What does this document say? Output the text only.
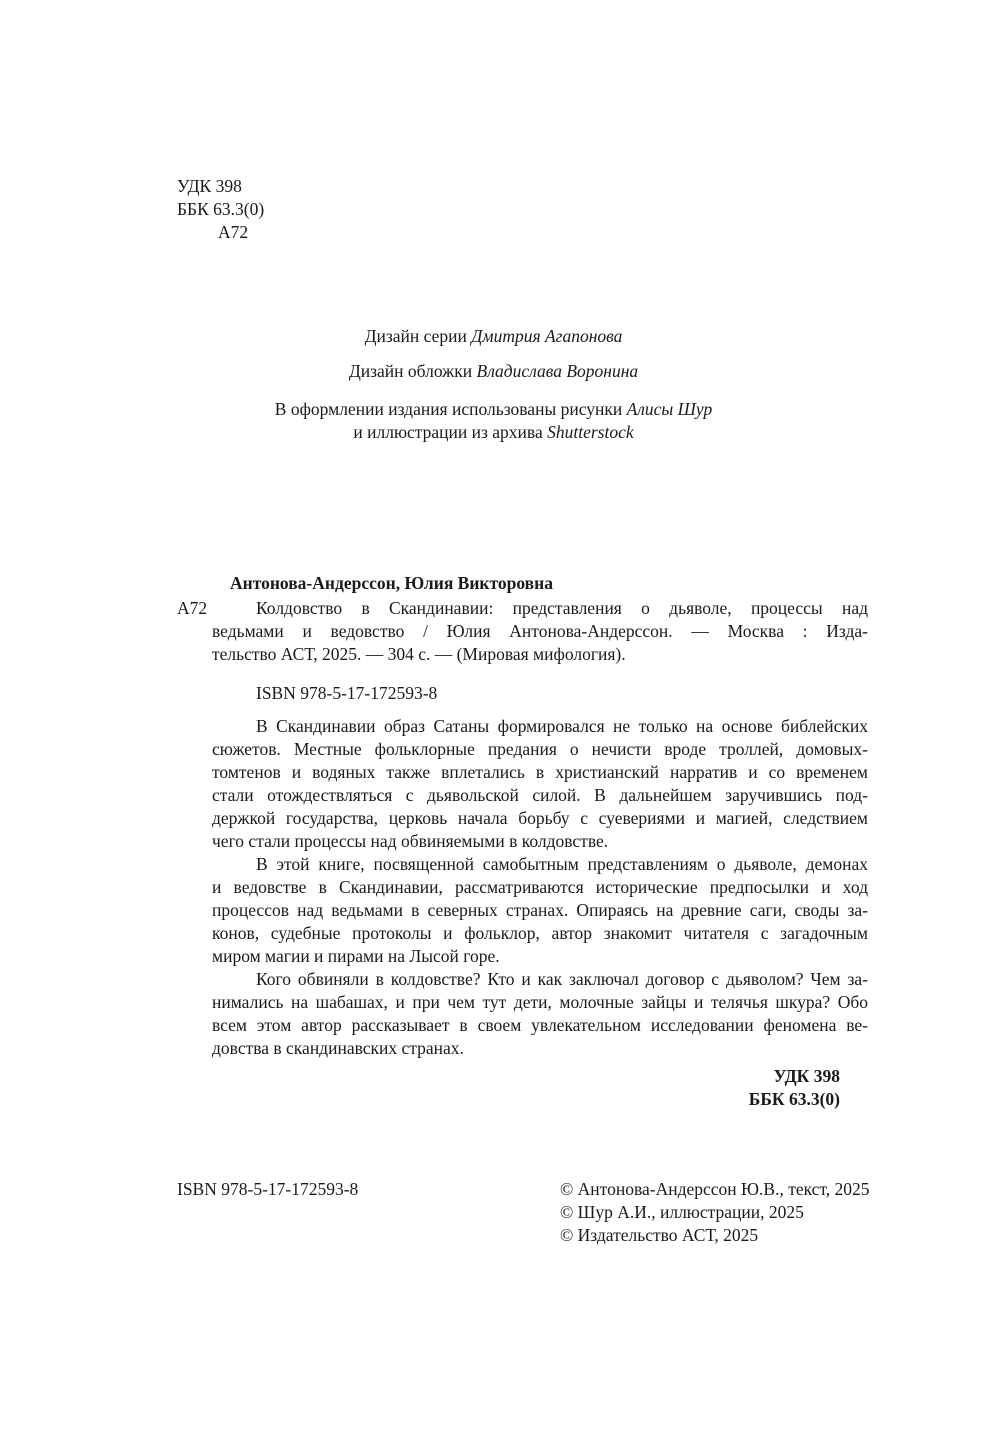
УДК 398
ББК 63.3(0)
А72
Дизайн серии Дмитрия Агапонова
Дизайн обложки Владислава Воронина
В оформлении издания использованы рисунки Алисы Шур
и иллюстрации из архива Shutterstock
Антонова-Андерссон, Юлия Викторовна
А72	Колдовство в Скандинавии: представления о дьяволе, процессы над
ведьмами и ведовство / Юлия Антонова-Андерссон. — Москва : Изда-
тельство АСТ, 2025. — 304 с. — (Мировая мифология).
ISBN 978-5-17-172593-8
В Скандинавии образ Сатаны формировался не только на основе библейских
сюжетов. Местные фольклорные предания о нечисти вроде троллей, домовых-
томтенов и водяных также вплетались в христианский нарратив и со временем
стали отождествляться с дьявольской силой. В дальнейшем заручившись под-
держкой государства, церковь начала борьбу с суевериями и магией, следствием
чего стали процессы над обвиняемыми в колдовстве.
В этой книге, посвященной самобытным представлениям о дьяволе, демонах
и ведовстве в Скандинавии, рассматриваются исторические предпосылки и ход
процессов над ведьмами в северных странах. Опираясь на древние саги, своды за-
конов, судебные протоколы и фольклор, автор знакомит читателя с загадочным
миром магии и пирами на Лысой горе.
Кого обвиняли в колдовстве? Кто и как заключал договор с дьяволом? Чем за-
нимались на шабашах, и при чем тут дети, молочные зайцы и телячья шкура? Обо
всем этом автор рассказывает в своем увлекательном исследовании феномена ве-
довства в скандинавских странах.
УДК 398
ББК 63.3(0)
ISBN 978-5-17-172593-8	© Антонова-Андерссон Ю.В., текст, 2025
© Шур А.И., иллюстрации, 2025
© Издательство АСТ, 2025
